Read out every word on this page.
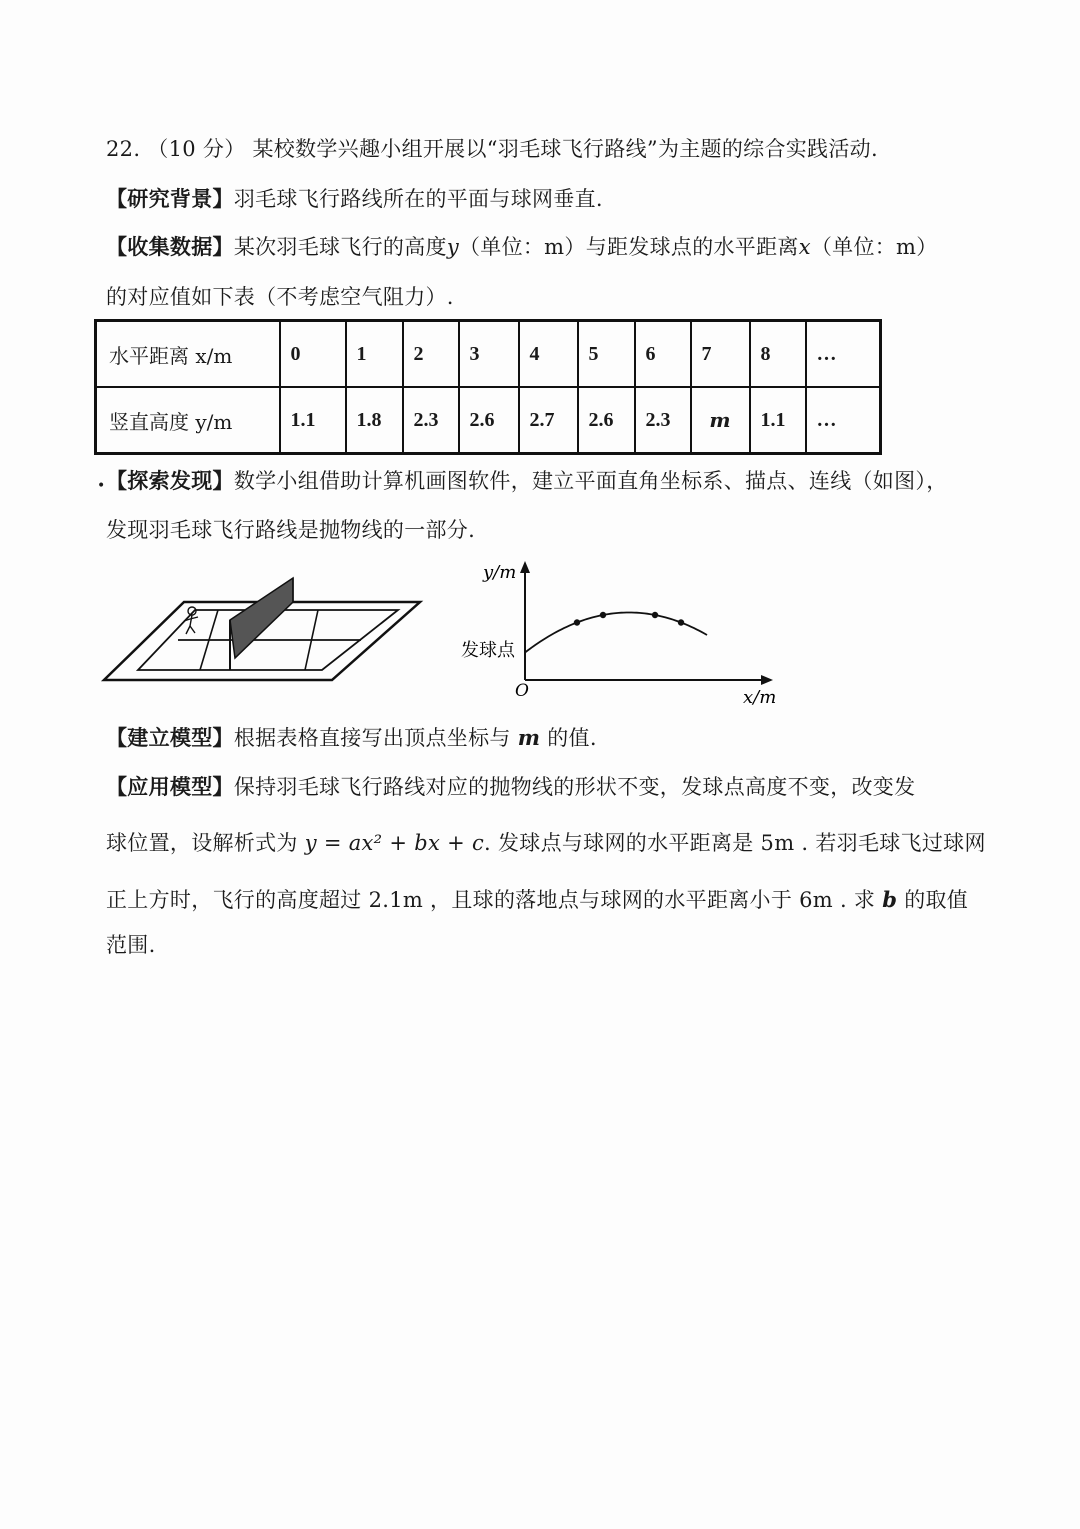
22. （10 分） 某校数学兴趣小组开展以“羽毛球飞行路线”为主题的综合实践活动.
【研究背景】羽毛球飞行路线所在的平面与球网垂直.
【收集数据】某次羽毛球飞行的高度y（单位：m）与距发球点的水平距离x（单位：m）
的对应值如下表（不考虑空气阻力）.
水平距离 x/m	0	1	2	3	4	5	6	7	8	…
竖直高度 y/m	1.1	1.8	2.3	2.6	2.7	2.6	2.3	m	1.1	…
• 【探索发现】数学小组借助计算机画图软件，建立平面直角坐标系、描点、连线（如图），
发现羽毛球飞行路线是抛物线的一部分.
y/m
x/m
O
发球点
【建立模型】根据表格直接写出顶点坐标与 m 的值.
【应用模型】保持羽毛球飞行路线对应的抛物线的形状不变，发球点高度不变，改变发
球位置，设解析式为 y = ax² + bx + c. 发球点与球网的水平距离是 5m . 若羽毛球飞过球网
正上方时，飞行的高度超过 2.1m ，且球的落地点与球网的水平距离小于 6m . 求 b 的取值
范围.
